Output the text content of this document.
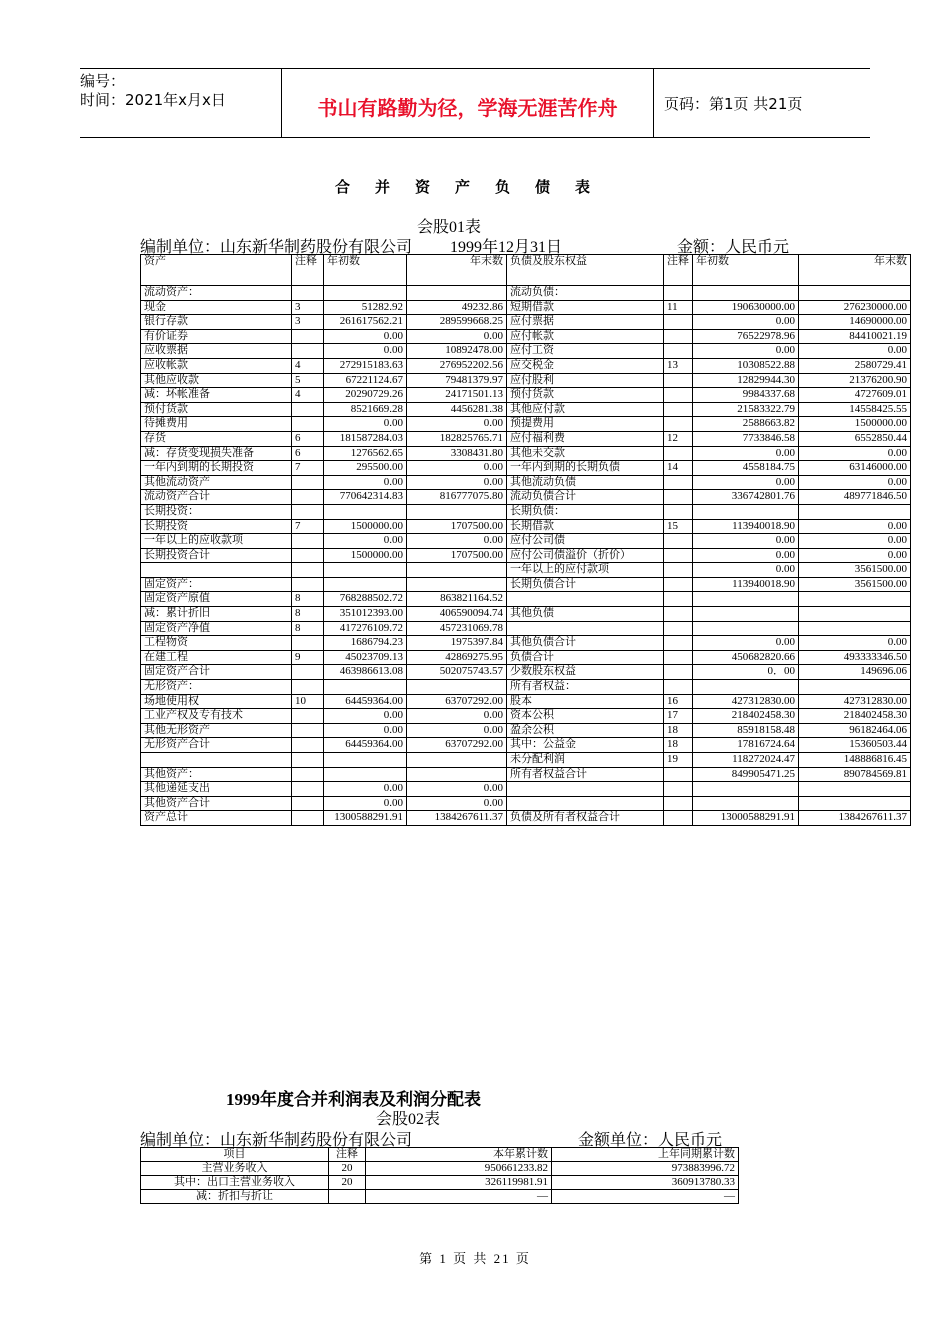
编号：
时间：2021年x月x日	书山有路勤为径，学海无涯苦作舟	页码：第1页 共21页
合并资产负债表
会股01表
编制单位：山东新华制药股份有限公司 1999年12月31日	金额：人民币元
资产	注释	年初数	年末数	负债及股东权益	注释	年初数	年末数
流动资产：				流动负债：			
现金	3	51282.92	49232.86	短期借款	11	190630000.00	276230000.00
银行存款	3	261617562.21	289599668.25	应付票据		0.00	14690000.00
有价证券		0.00	0.00	应付帐款		76522978.96	84410021.19
应收票据		0.00	10892478.00	应付工资		0.00	0.00
应收帐款	4	272915183.63	276952202.56	应交税金	13	10308522.88	2580729.41
其他应收款	5	67221124.67	79481379.97	应付股利		12829944.30	21376200.90
减：坏帐准备	4	20290729.26	24171501.13	预付货款		9984337.68	4727609.01
预付货款		8521669.28	4456281.38	其他应付款		21583322.79	14558425.55
待摊费用		0.00	0.00	预提费用		2588663.82	1500000.00
存货	6	181587284.03	182825765.71	应付福利费	12	7733846.58	6552850.44
减：存货变现损失准备	6	1276562.65	3308431.80	其他未交款		0.00	0.00
一年内到期的长期投资	7	295500.00	0.00	一年内到期的长期负债	14	4558184.75	63146000.00
其他流动资产		0.00	0.00	其他流动负债		0.00	0.00
流动资产合计		770642314.83	816777075.80	流动负债合计		336742801.76	489771846.50
长期投资：				长期负债：			
长期投资	7	1500000.00	1707500.00	长期借款	15	113940018.90	0.00
一年以上的应收款项		0.00	0.00	应付公司债		0.00	0.00
长期投资合计		1500000.00	1707500.00	应付公司债溢价（折价）		0.00	0.00
				一年以上的应付款项		0.00	3561500.00
固定资产：				长期负债合计		113940018.90	3561500.00
固定资产原值	8	768288502.72	863821164.52				
减：累计折旧	8	351012393.00	406590094.74	其他负债			
固定资产净值	8	417276109.72	457231069.78				
工程物资		1686794.23	1975397.84	其他负债合计		0.00	0.00
在建工程	9	45023709.13	42869275.95	负债合计		450682820.66	493333346.50
固定资产合计		463986613.08	502075743.57	少数股东权益		0．00	149696.06
无形资产：				所有者权益：			
场地使用权	10	64459364.00	63707292.00	股本	16	427312830.00	427312830.00
工业产权及专有技术		0.00	0.00	资本公积	17	218402458.30	218402458.30
其他无形资产		0.00	0.00	盈余公积	18	85918158.48	96182464.06
无形资产合计		64459364.00	63707292.00	其中：公益金	18	17816724.64	15360503.44
				未分配利润	19	118272024.47	148886816.45
其他资产：				所有者权益合计		849905471.25	890784569.81
其他递延支出		0.00	0.00				
其他资产合计		0.00	0.00				
资产总计		1300588291.91	1384267611.37	负债及所有者权益合计		13000588291.91	1384267611.37
1999年度合并利润表及利润分配表
会股02表
编制单位：山东新华制药股份有限公司	金额单位：人民币元
项目	注释	本年累计数	上年同期累计数
主营业务收入	20	950661233.82	973883996.72
其中：出口主营业务收入	20	326119981.91	360913780.33
减：折扣与折让		—	—
第 1 页 共 21 页
